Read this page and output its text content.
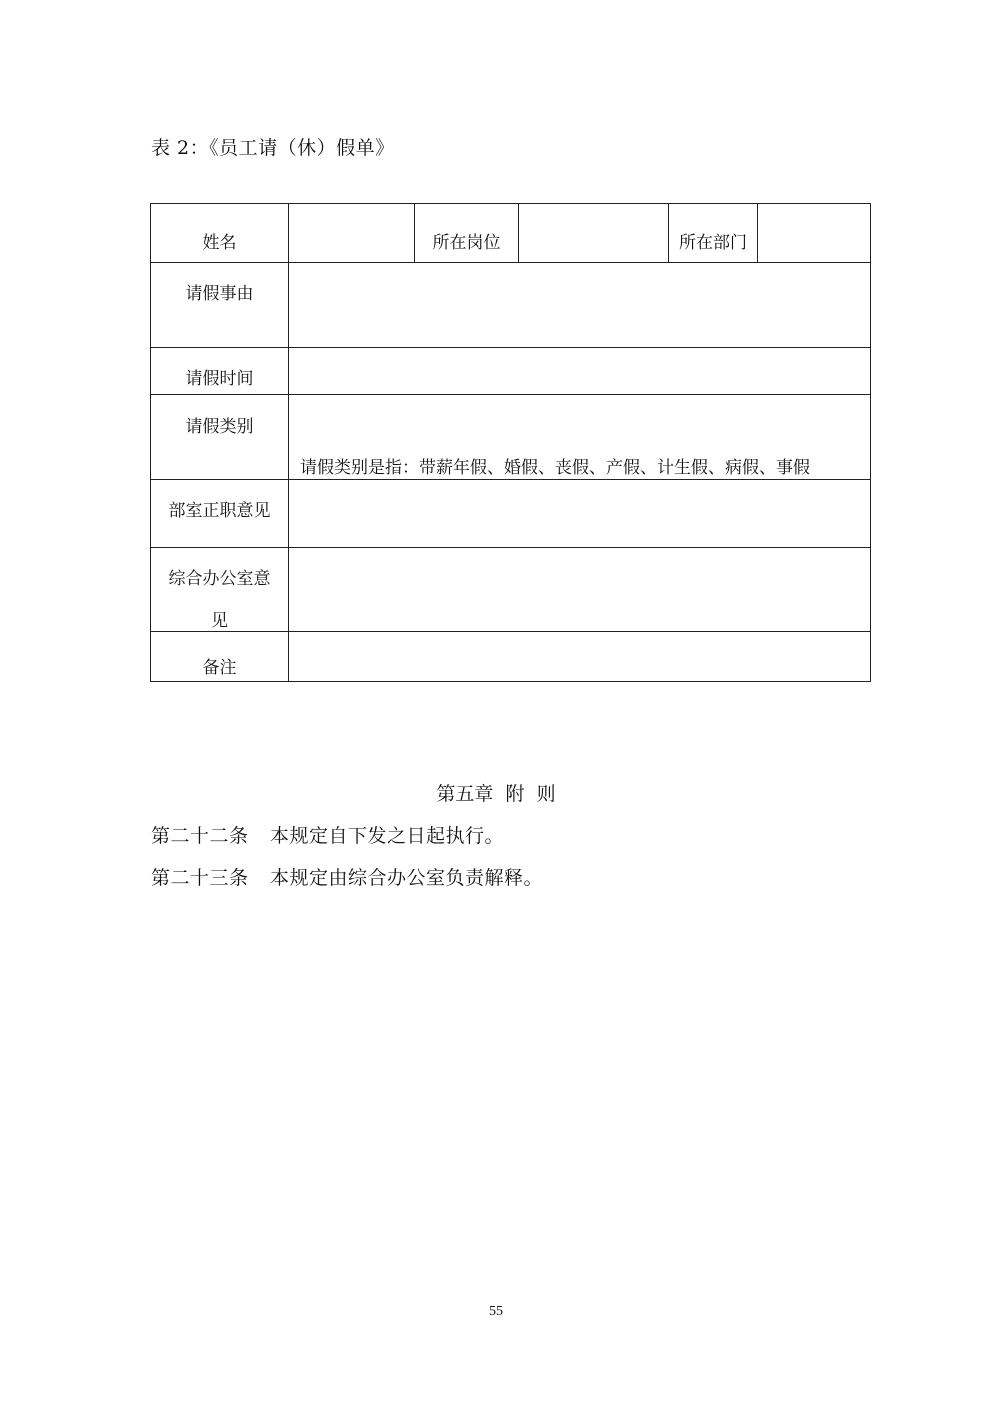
表 2：《员工请（休）假单》
姓名	所在岗位	所在部门
请假事由
请假时间
请假类别
请假类别是指：带薪年假、婚假、丧假、产假、计生假、病假、事假
部室正职意见
综合办公室意
见
备注
第五章  附  则
第二十二条 本规定自下发之日起执行。
第二十三条 本规定由综合办公室负责解释。
55
